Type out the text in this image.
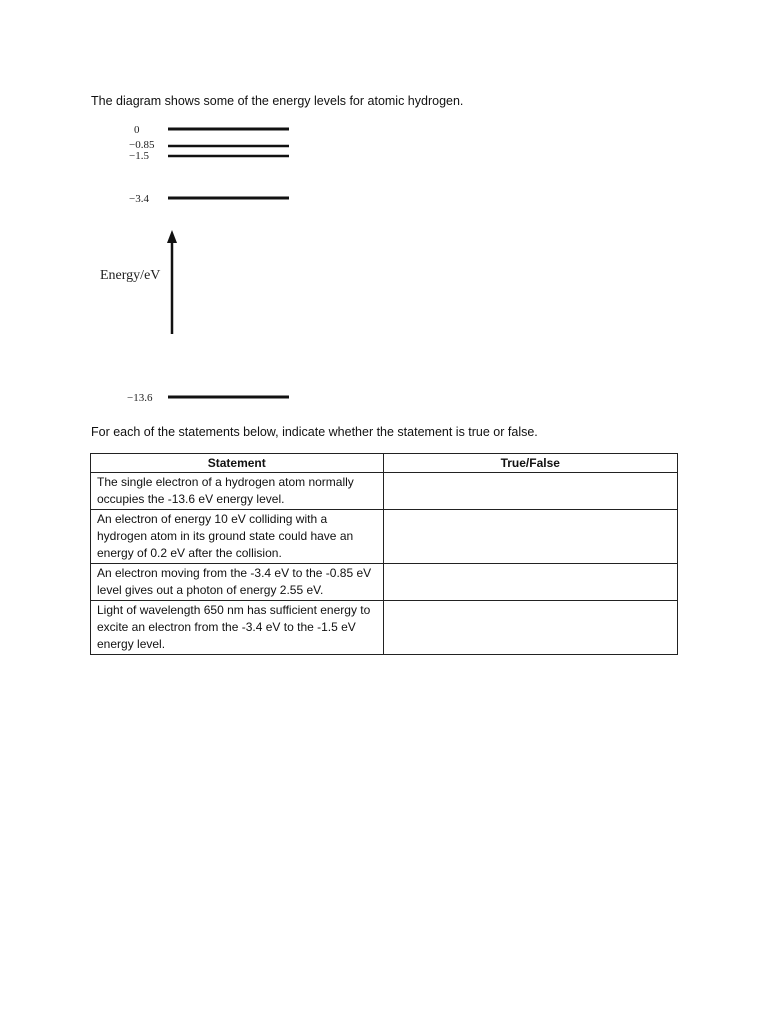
The diagram shows some of the energy levels for atomic hydrogen.
0
−0.85
−1.5
−3.4
−13.6
Energy/eV
For each of the statements below, indicate whether the statement is true or false.
Statement	True/False
The single electron of a hydrogen atom normally occupies the -13.6 eV energy level.	
An electron of energy 10 eV colliding with a hydrogen atom in its ground state could have an energy of 0.2 eV after the collision.	
An electron moving from the -3.4 eV to the -0.85 eV level gives out a photon of energy 2.55 eV.	
Light of wavelength 650 nm has sufficient energy to excite an electron from the -3.4 eV to the -1.5 eV energy level.	
